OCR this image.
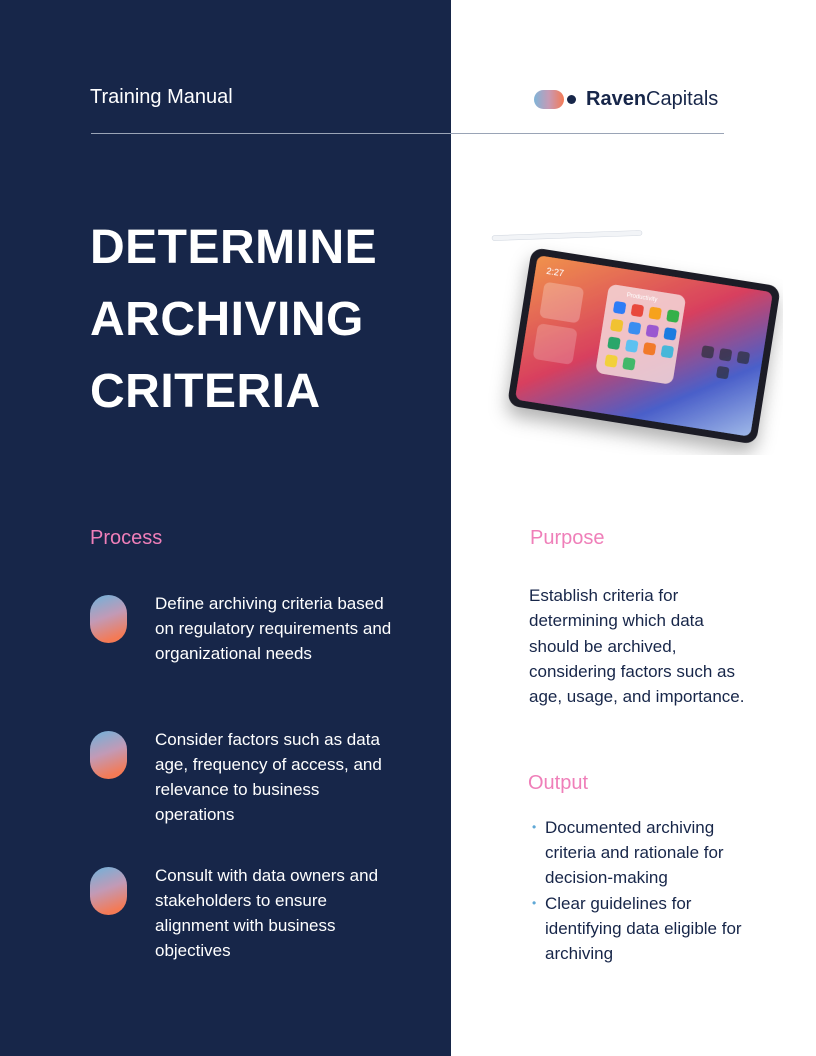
Training Manual	RavenCapitals
DETERMINE
ARCHIVING
CRITERIA
2:27
Productivity
Process
Define archiving criteria based on regulatory requirements and organizational needs
Consider factors such as data age, frequency of access, and relevance to business operations
Consult with data owners and stakeholders to ensure alignment with business objectives
Purpose
Establish criteria for determining which data should be archived, considering factors such as age, usage, and importance.
Output
• Documented archiving criteria and rationale for decision-making
• Clear guidelines for identifying data eligible for archiving
